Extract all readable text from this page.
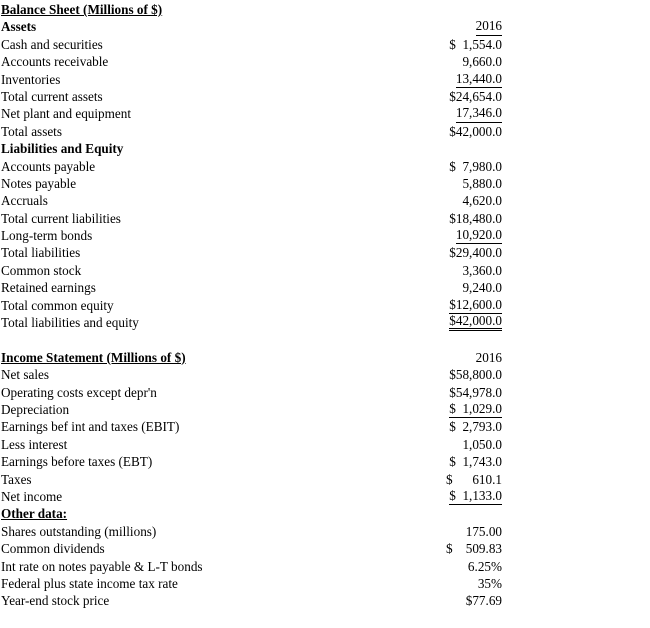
Balance Sheet (Millions of $)
Assets	2016
Cash and securities	$  1,554.0
Accounts receivable	9,660.0
Inventories	13,440.0
Total current assets	$24,654.0
Net plant and equipment	17,346.0
Total assets	$42,000.0
Liabilities and Equity
Accounts payable	$  7,980.0
Notes payable	5,880.0
Accruals	4,620.0
Total current liabilities	$18,480.0
Long-term bonds	10,920.0
Total liabilities	$29,400.0
Common stock	3,360.0
Retained earnings	9,240.0
Total common equity	$12,600.0
Total liabilities and equity	$42,000.0
Income Statement (Millions of $)	2016
Net sales	$58,800.0
Operating costs except depr'n	$54,978.0
Depreciation	$  1,029.0
Earnings bef int and taxes (EBIT)	$  2,793.0
Less interest	1,050.0
Earnings before taxes (EBT)	$  1,743.0
Taxes	$      610.1
Net income	$  1,133.0
Other data:
Shares outstanding (millions)	175.00
Common dividends	$    509.83
Int rate on notes payable & L-T bonds	6.25%
Federal plus state income tax rate	35%
Year-end stock price	$77.69
